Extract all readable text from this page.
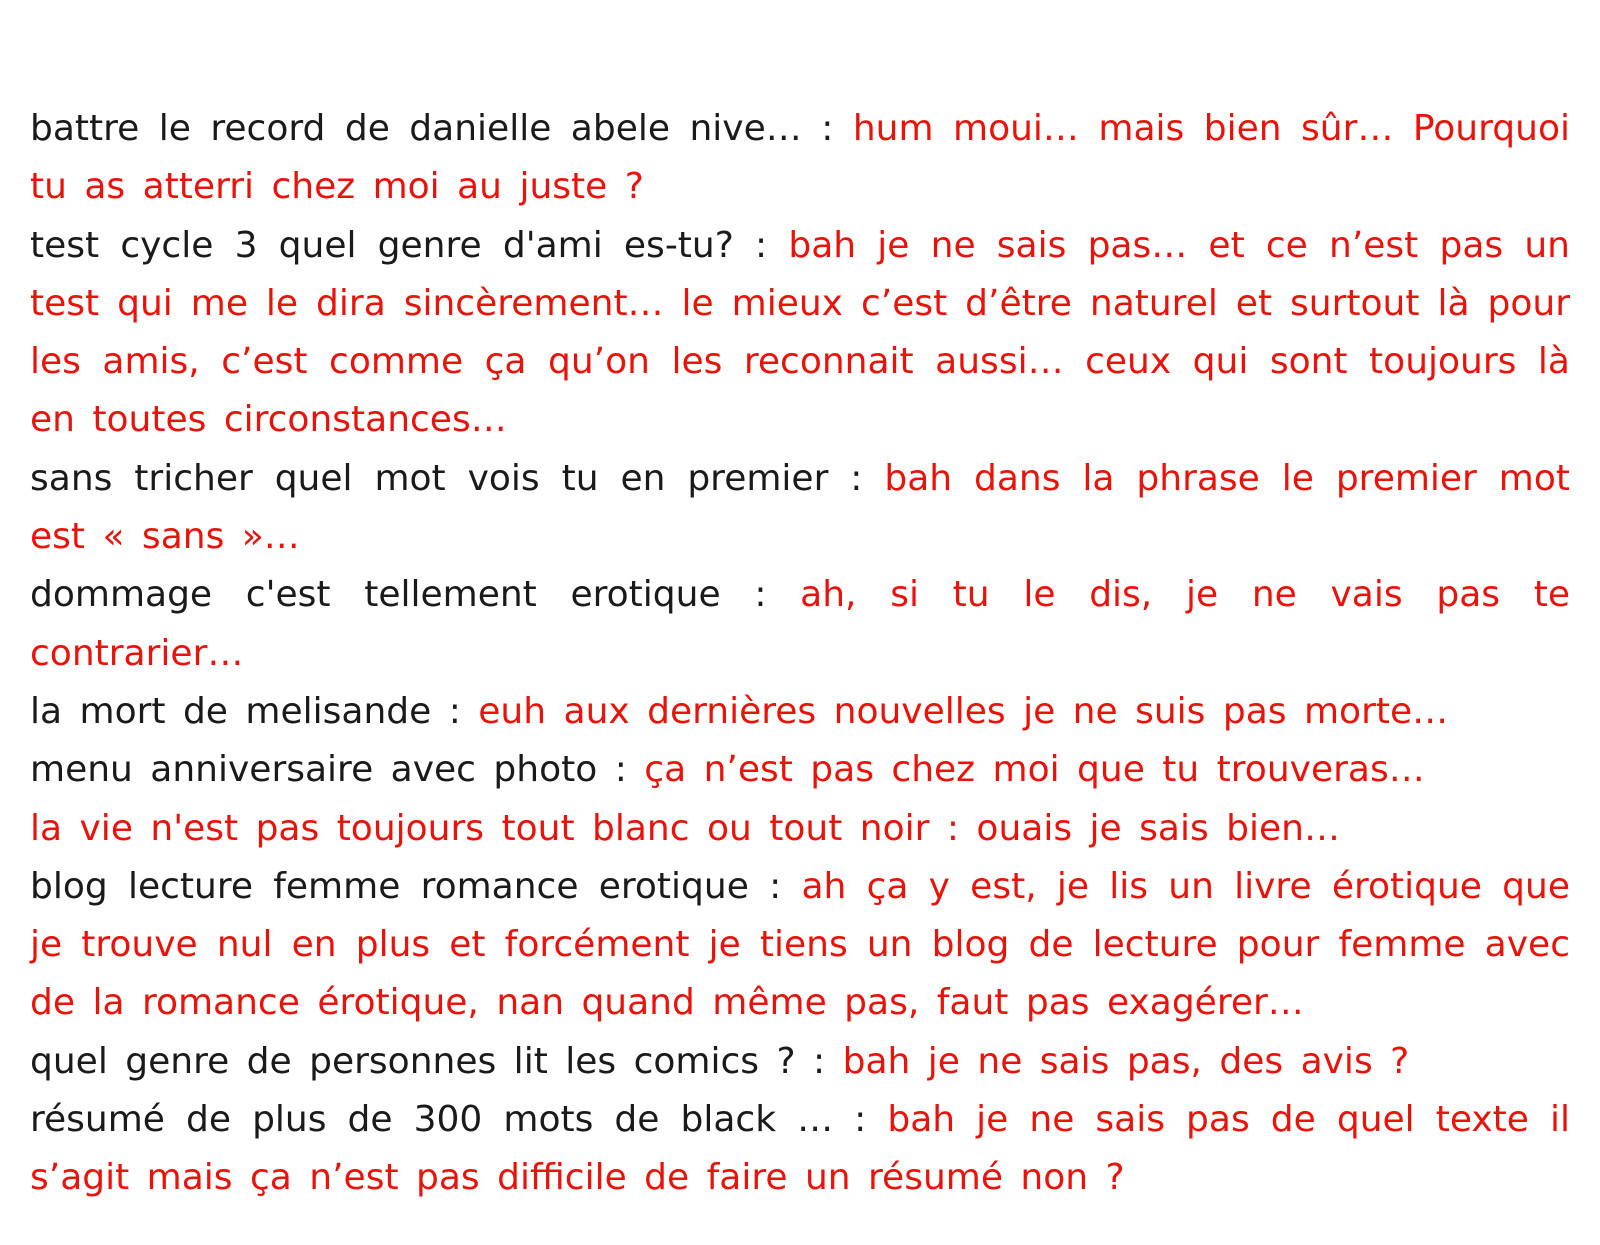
battre le record de danielle abele nive… : hum moui… mais bien sûr… Pourquoi tu as atterri chez moi au juste ?

test cycle 3 quel genre d'ami es-tu? : bah je ne sais pas… et ce n’est pas un test qui me le dira sincèrement… le mieux c’est d’être naturel et surtout là pour les amis, c’est comme ça qu’on les reconnait aussi… ceux qui sont toujours là en toutes circonstances…

sans tricher quel mot vois tu en premier : bah dans la phrase le premier mot est « sans »…

dommage c'est tellement erotique : ah, si tu le dis, je ne vais pas te contrarier…

la mort de melisande : euh aux dernières nouvelles je ne suis pas morte…

menu anniversaire avec photo : ça n’est pas chez moi que tu trouveras…

la vie n'est pas toujours tout blanc ou tout noir : ouais je sais bien…

blog lecture femme romance erotique : ah ça y est, je lis un livre érotique que je trouve nul en plus et forcément je tiens un blog de lecture pour femme avec de la romance érotique, nan quand même pas, faut pas exagérer…

quel genre de personnes lit les comics ? : bah je ne sais pas, des avis ?

résumé de plus de 300 mots de black … : bah je ne sais pas de quel texte il s’agit mais ça n’est pas difficile de faire un résumé non ?
